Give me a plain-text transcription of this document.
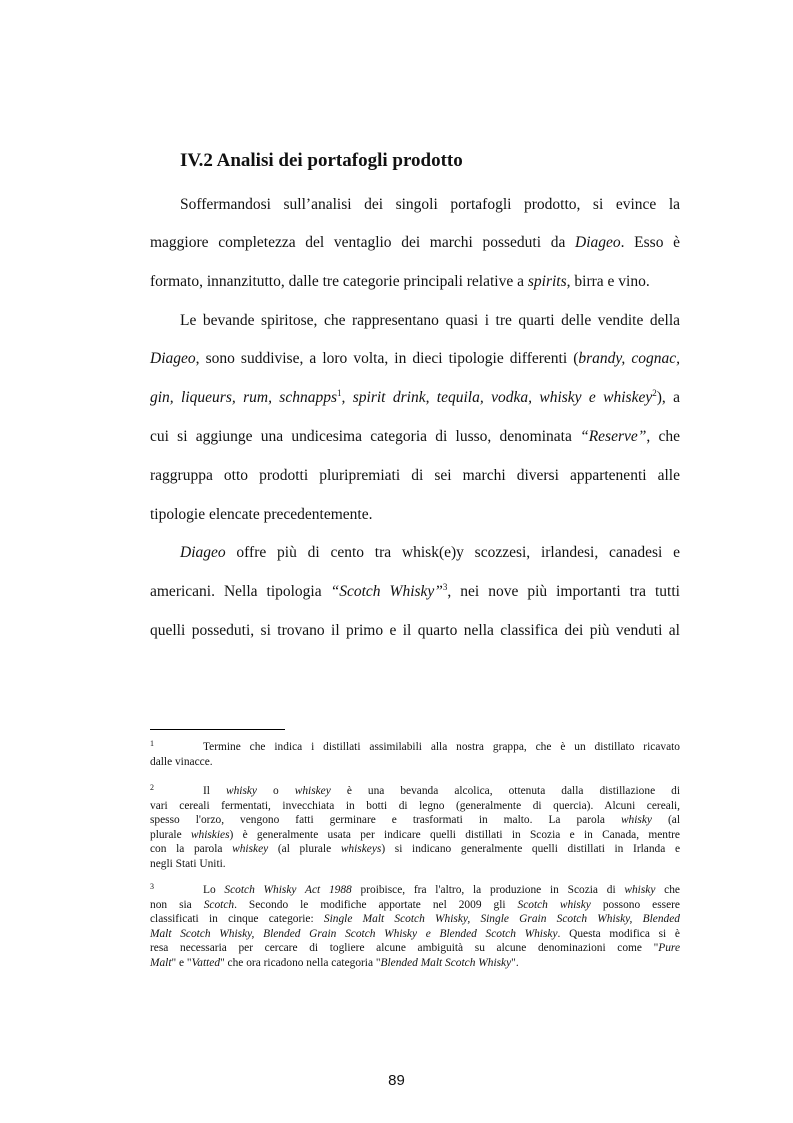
IV.2 Analisi dei portafogli prodotto
Soffermandosi sull’analisi dei singoli portafogli prodotto, si evince la
maggiore completezza del ventaglio dei marchi posseduti da Diageo. Esso è
formato, innanzitutto, dalle tre categorie principali relative a spirits, birra e vino.
Le bevande spiritose, che rappresentano quasi i tre quarti delle vendite della
Diageo, sono suddivise, a loro volta, in dieci tipologie differenti (brandy, cognac,
gin, liqueurs, rum, schnapps$^1$, spirit drink, tequila, vodka, whisky e whiskey$^2$), a
cui si aggiunge una undicesima categoria di lusso, denominata “Reserve”, che
raggruppa otto prodotti pluripremiati di sei marchi diversi appartenenti alle
tipologie elencate precedentemente.
Diageo offre più di cento tra whisk(e)y scozzesi, irlandesi, canadesi e
americani. Nella tipologia “Scotch Whisky”$^3$, nei nove più importanti tra tutti
quelli posseduti, si trovano il primo e il quarto nella classifica dei più venduti al
1	Termine che indica i distillati assimilabili alla nostra grappa, che è un distillato ricavato
dalle vinacce.
2	Il whisky o whiskey è una bevanda alcolica, ottenuta dalla distillazione di
vari cereali fermentati, invecchiata in botti di legno (generalmente di quercia). Alcuni cereali,
spesso l'orzo, vengono fatti germinare e trasformati in malto. La parola whisky (al
plurale whiskies) è generalmente usata per indicare quelli distillati in Scozia e in Canada, mentre
con la parola whiskey (al plurale whiskeys) si indicano generalmente quelli distillati in Irlanda e
negli Stati Uniti.
3	Lo Scotch Whisky Act 1988 proibisce, fra l'altro, la produzione in Scozia di whisky che
non sia Scotch. Secondo le modifiche apportate nel 2009 gli Scotch whisky possono essere
classificati in cinque categorie: Single Malt Scotch Whisky, Single Grain Scotch Whisky, Blended
Malt Scotch Whisky, Blended Grain Scotch Whisky e Blended Scotch Whisky. Questa modifica si è
resa necessaria per cercare di togliere alcune ambiguità su alcune denominazioni come "Pure
Malt" e "Vatted" che ora ricadono nella categoria "Blended Malt Scotch Whisky".
89
